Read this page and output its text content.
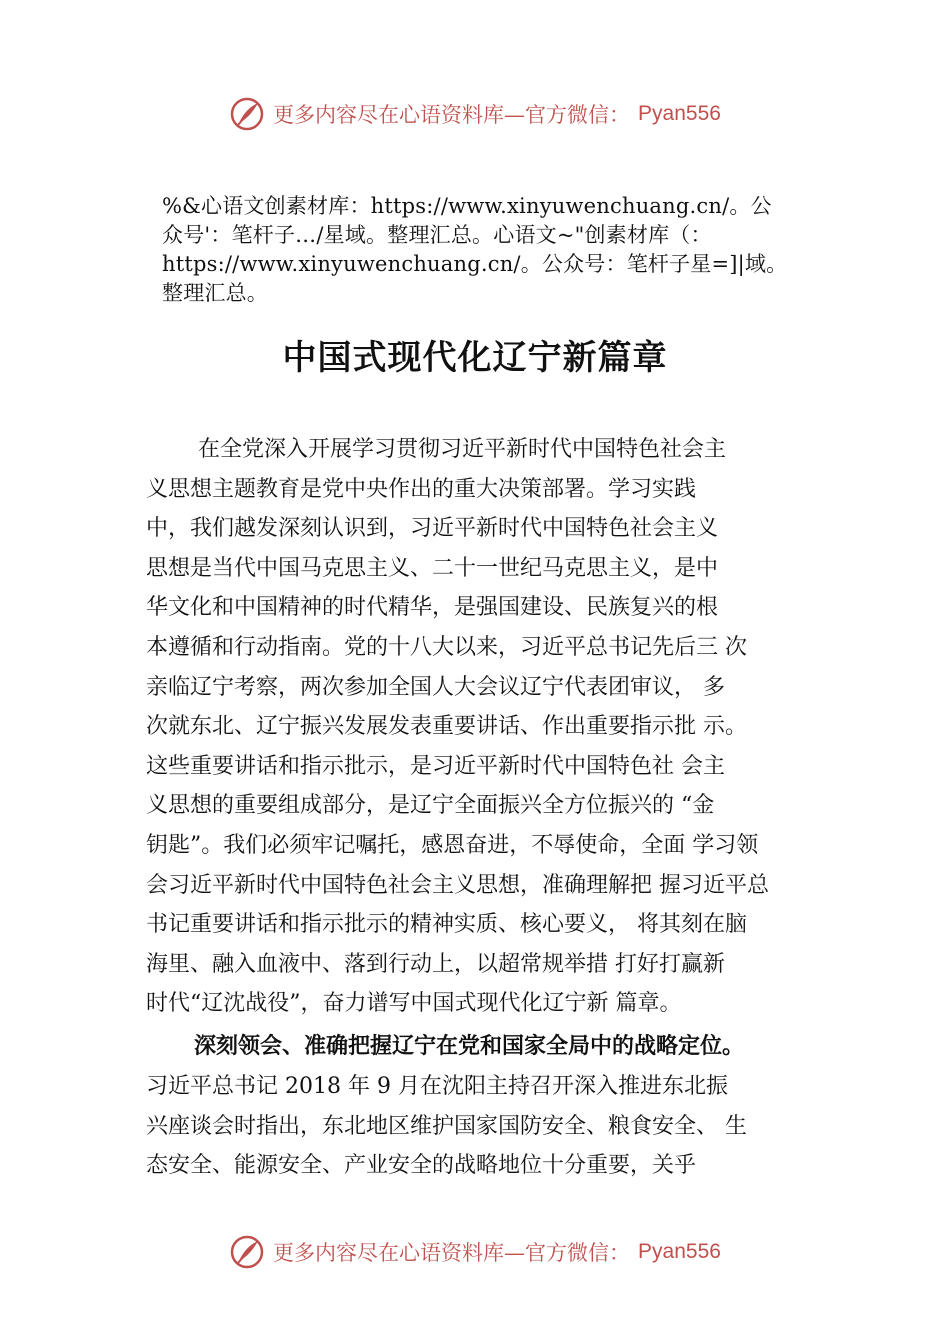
更多内容尽在心语资料库—官方微信： Pyan556

%&心语文创素材库：https://www.xinyuwenchuang.cn/。公

众号'：笔杆子…/星域。整理汇总。心语文~"创素材库（：

https://www.xinyuwenchuang.cn/。公众号：笔杆子星=]|域。

整理汇总。

中国式现代化辽宁新篇章

在全党深入开展学习贯彻习近平新时代中国特色社会主

义思想主题教育是党中央作出的重大决策部署。学习实践

中，我们越发深刻认识到，习近平新时代中国特色社会主义

思想是当代中国马克思主义、二十一世纪马克思主义，是中

华文化和中国精神的时代精华，是强国建设、民族复兴的根

本遵循和行动指南。党的十八大以来，习近平总书记先后三 次

亲临辽宁考察，两次参加全国人大会议辽宁代表团审议， 多

次就东北、辽宁振兴发展发表重要讲话、作出重要指示批 示。

这些重要讲话和指示批示，是习近平新时代中国特色社 会主

义思想的重要组成部分，是辽宁全面振兴全方位振兴的 “金

钥匙”。我们必须牢记嘱托，感恩奋进，不辱使命，全面 学习领

会习近平新时代中国特色社会主义思想，准确理解把 握习近平总

书记重要讲话和指示批示的精神实质、核心要义， 将其刻在脑

海里、融入血液中、落到行动上，以超常规举措 打好打赢新

时代“辽沈战役”，奋力谱写中国式现代化辽宁新 篇章。

深刻领会、准确把握辽宁在党和国家全局中的战略定位。

习近平总书记 2018 年 9 月在沈阳主持召开深入推进东北振

兴座谈会时指出，东北地区维护国家国防安全、粮食安全、 生

态安全、能源安全、产业安全的战略地位十分重要，关乎

更多内容尽在心语资料库—官方微信： Pyan556
